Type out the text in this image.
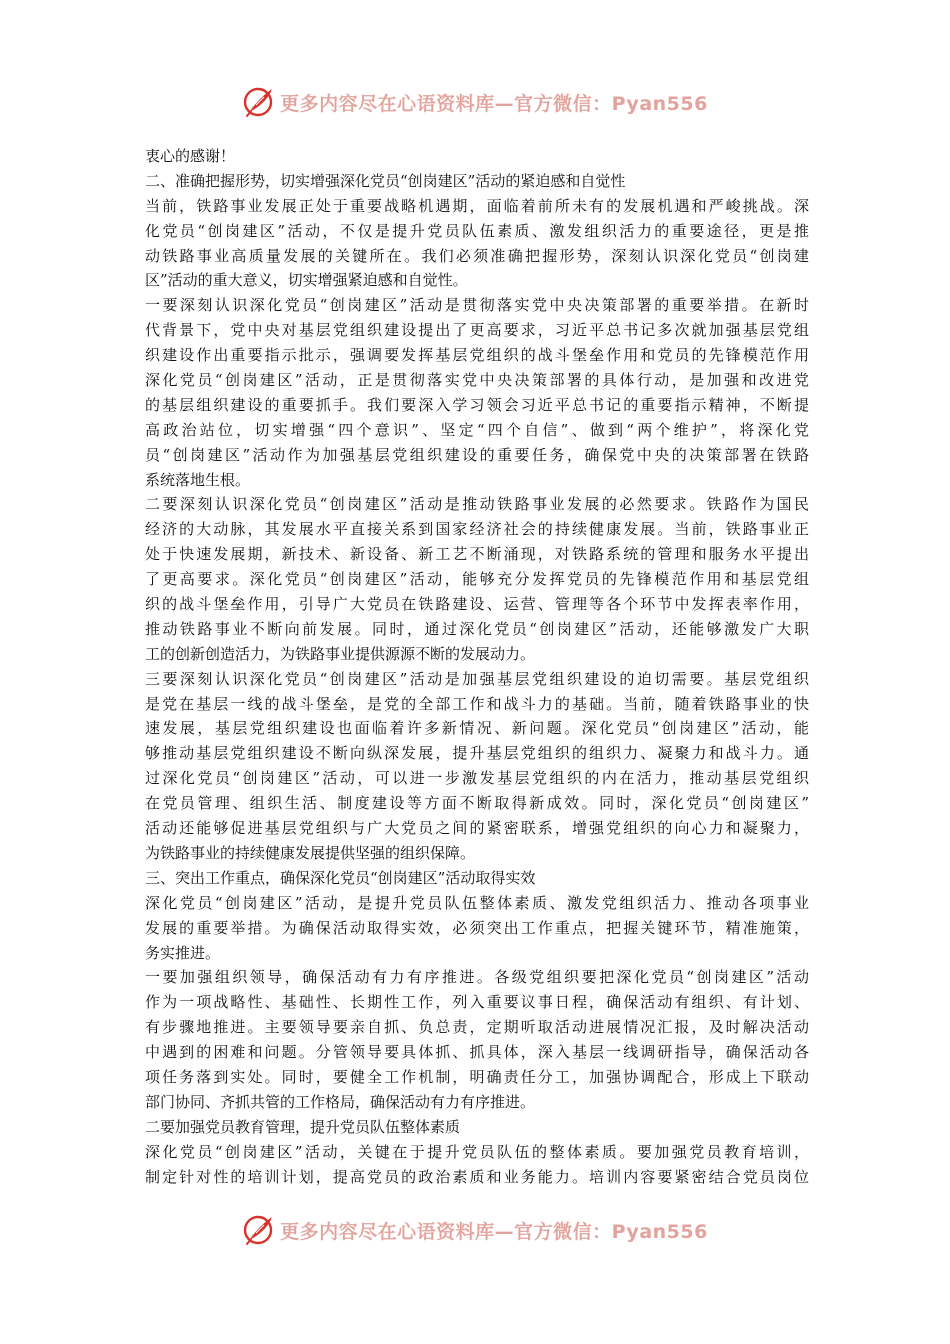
更多内容尽在心语资料库—官方微信：Pyan556
衷心的感谢！
二、准确把握形势，切实增强深化党员“创岗建区”活动的紧迫感和自觉性
当前，铁路事业发展正处于重要战略机遇期，面临着前所未有的发展机遇和严峻挑战。深
化党员“创岗建区”活动，不仅是提升党员队伍素质、激发组织活力的重要途径，更是推
动铁路事业高质量发展的关键所在。我们必须准确把握形势，深刻认识深化党员“创岗建
区”活动的重大意义，切实增强紧迫感和自觉性。
一要深刻认识深化党员“创岗建区”活动是贯彻落实党中央决策部署的重要举措。在新时
代背景下，党中央对基层党组织建设提出了更高要求，习近平总书记多次就加强基层党组
织建设作出重要指示批示，强调要发挥基层党组织的战斗堡垒作用和党员的先锋模范作用
深化党员“创岗建区”活动，正是贯彻落实党中央决策部署的具体行动，是加强和改进党
的基层组织建设的重要抓手。我们要深入学习领会习近平总书记的重要指示精神，不断提
高政治站位，切实增强“四个意识”、坚定“四个自信”、做到“两个维护”，将深化党
员“创岗建区”活动作为加强基层党组织建设的重要任务，确保党中央的决策部署在铁路
系统落地生根。
二要深刻认识深化党员“创岗建区”活动是推动铁路事业发展的必然要求。铁路作为国民
经济的大动脉，其发展水平直接关系到国家经济社会的持续健康发展。当前，铁路事业正
处于快速发展期，新技术、新设备、新工艺不断涌现，对铁路系统的管理和服务水平提出
了更高要求。深化党员“创岗建区”活动，能够充分发挥党员的先锋模范作用和基层党组
织的战斗堡垒作用，引导广大党员在铁路建设、运营、管理等各个环节中发挥表率作用，
推动铁路事业不断向前发展。同时，通过深化党员“创岗建区”活动，还能够激发广大职
工的创新创造活力，为铁路事业提供源源不断的发展动力。
三要深刻认识深化党员“创岗建区”活动是加强基层党组织建设的迫切需要。基层党组织
是党在基层一线的战斗堡垒，是党的全部工作和战斗力的基础。当前，随着铁路事业的快
速发展，基层党组织建设也面临着许多新情况、新问题。深化党员“创岗建区”活动，能
够推动基层党组织建设不断向纵深发展，提升基层党组织的组织力、凝聚力和战斗力。通
过深化党员“创岗建区”活动，可以进一步激发基层党组织的内在活力，推动基层党组织
在党员管理、组织生活、制度建设等方面不断取得新成效。同时，深化党员“创岗建区”
活动还能够促进基层党组织与广大党员之间的紧密联系，增强党组织的向心力和凝聚力，
为铁路事业的持续健康发展提供坚强的组织保障。
三、突出工作重点，确保深化党员“创岗建区”活动取得实效
深化党员“创岗建区”活动，是提升党员队伍整体素质、激发党组织活力、推动各项事业
发展的重要举措。为确保活动取得实效，必须突出工作重点，把握关键环节，精准施策，
务实推进。
一要加强组织领导，确保活动有力有序推进。各级党组织要把深化党员“创岗建区”活动
作为一项战略性、基础性、长期性工作，列入重要议事日程，确保活动有组织、有计划、
有步骤地推进。主要领导要亲自抓、负总责，定期听取活动进展情况汇报，及时解决活动
中遇到的困难和问题。分管领导要具体抓、抓具体，深入基层一线调研指导，确保活动各
项任务落到实处。同时，要健全工作机制，明确责任分工，加强协调配合，形成上下联动
部门协同、齐抓共管的工作格局，确保活动有力有序推进。
二要加强党员教育管理，提升党员队伍整体素质
深化党员“创岗建区”活动，关键在于提升党员队伍的整体素质。要加强党员教育培训，
制定针对性的培训计划，提高党员的政治素质和业务能力。培训内容要紧密结合党员岗位
更多内容尽在心语资料库—官方微信：Pyan556
